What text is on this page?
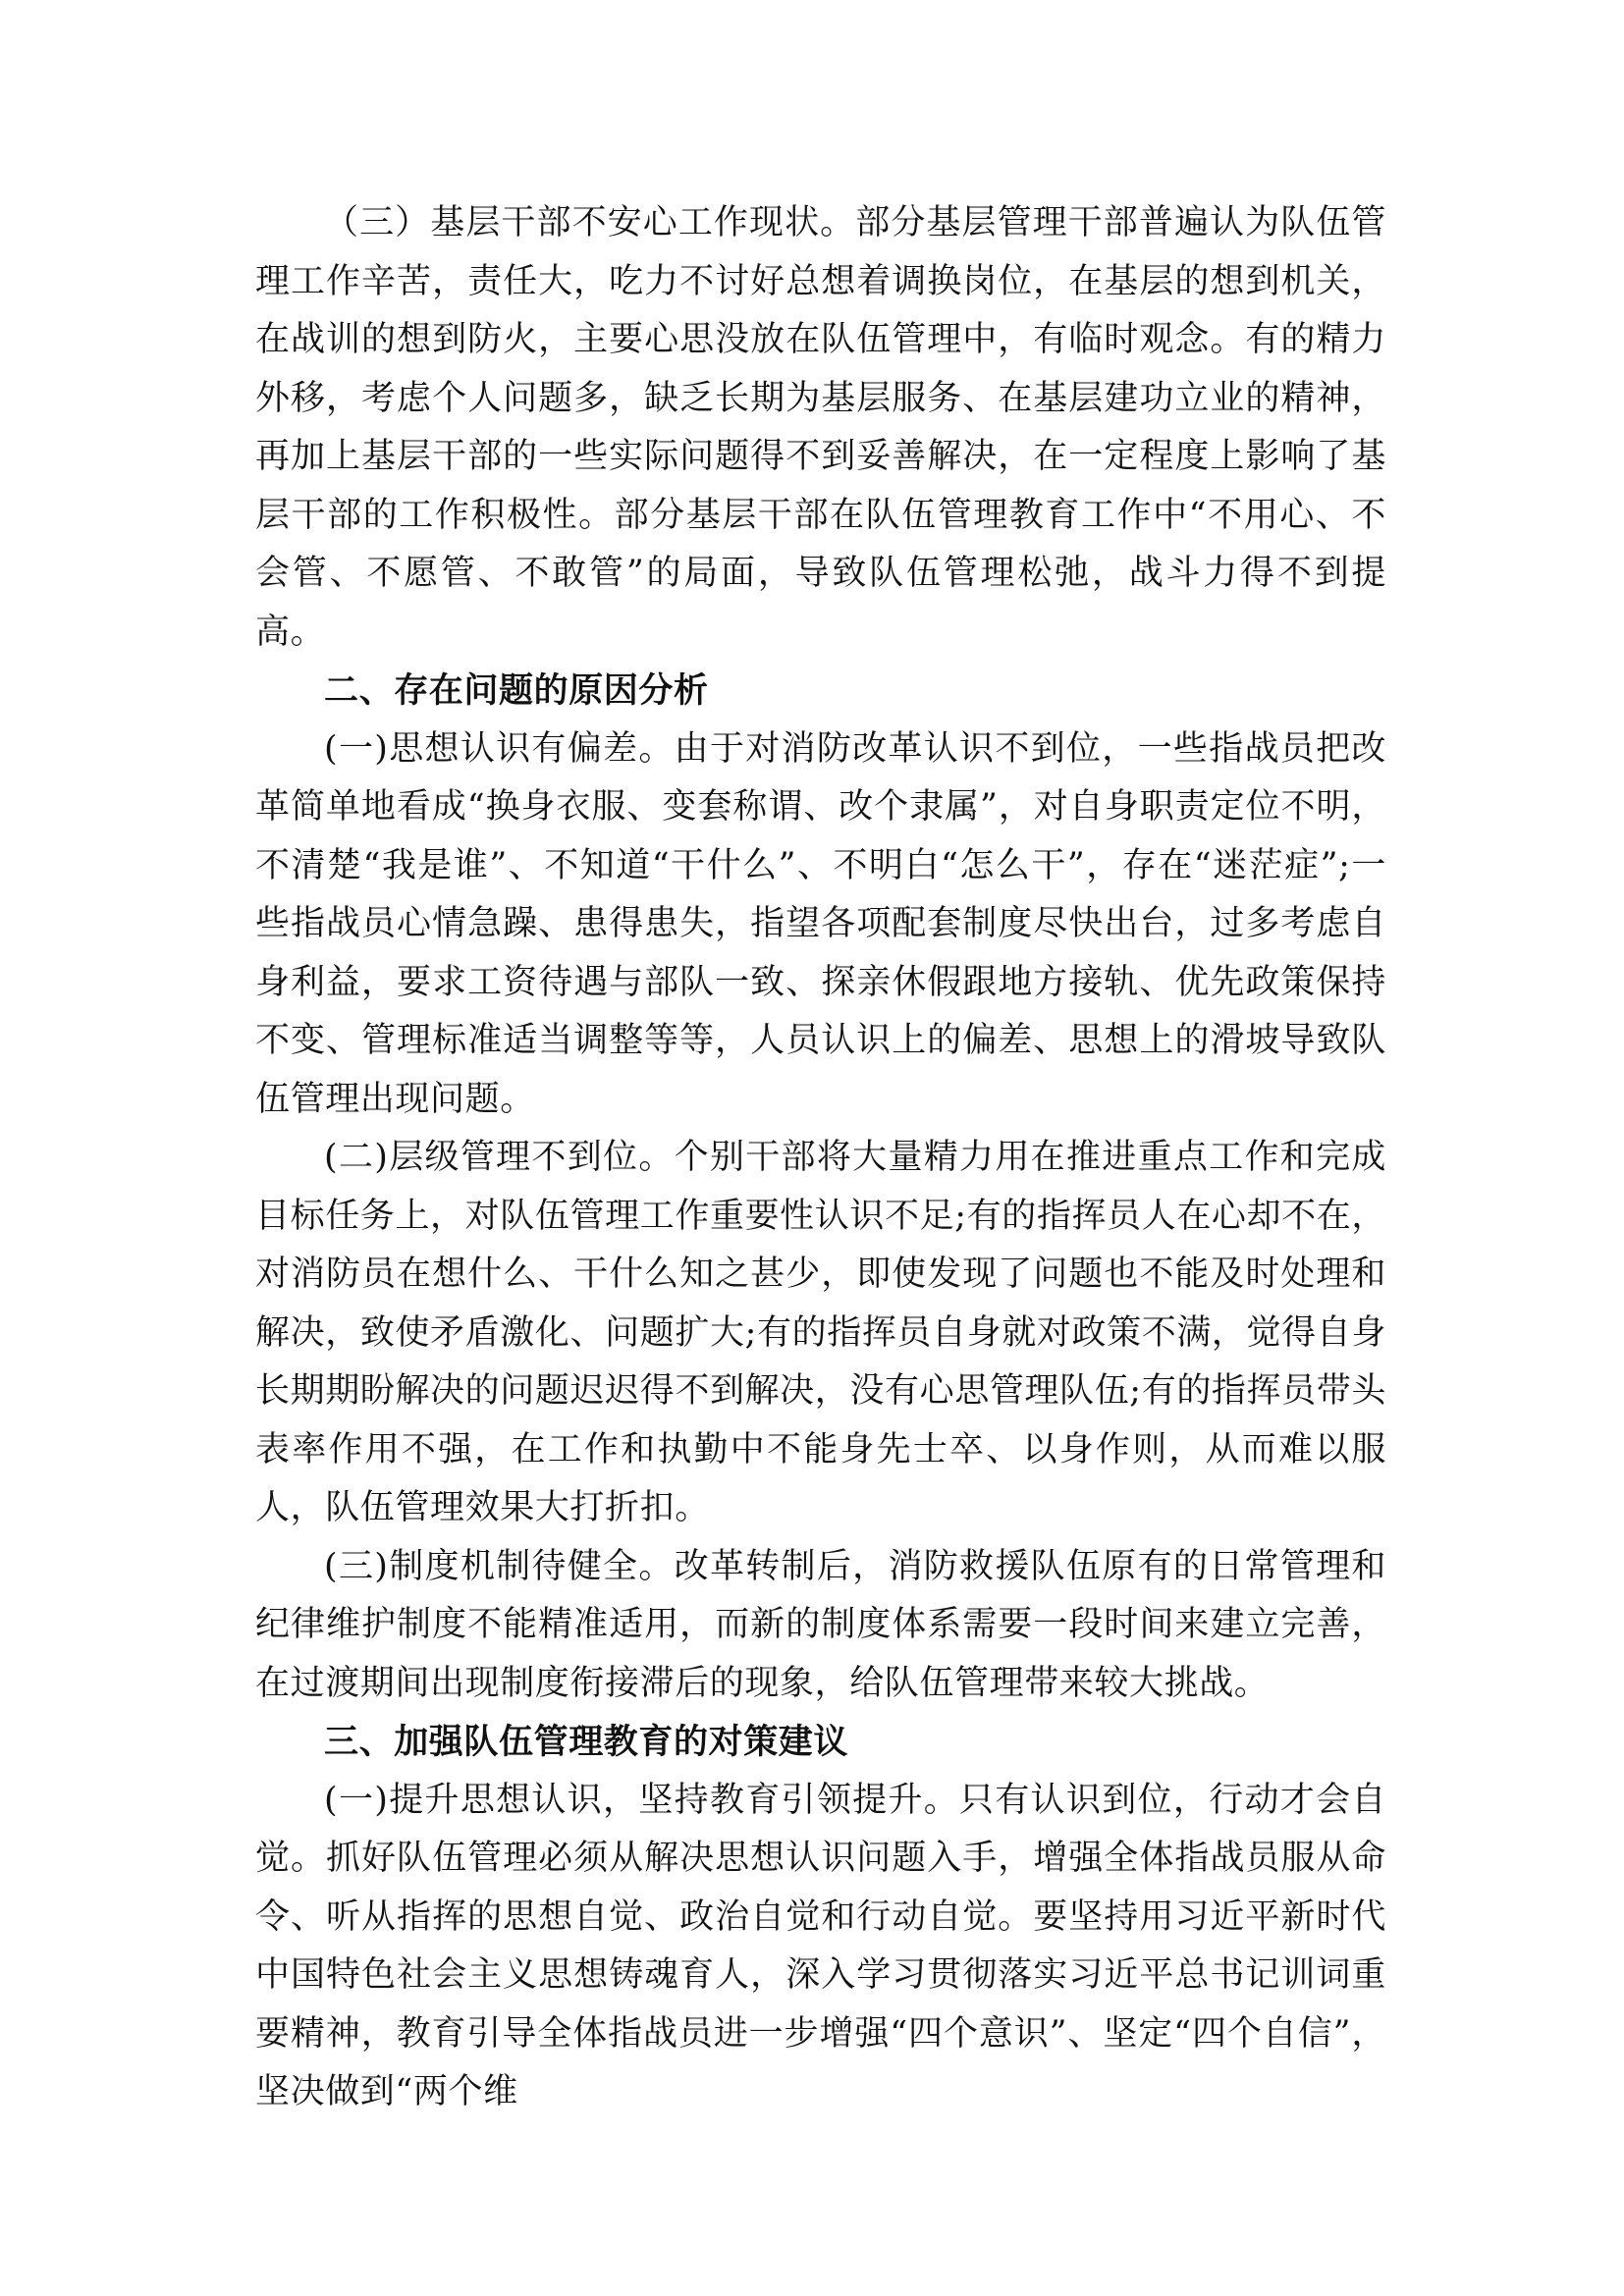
（三）基层干部不安心工作现状。部分基层管理干部普遍认为队伍管理工作辛苦，责任大，吃力不讨好总想着调换岗位，在基层的想到机关，在战训的想到防火，主要心思没放在队伍管理中，有临时观念。有的精力外移，考虑个人问题多，缺乏长期为基层服务、在基层建功立业的精神，再加上基层干部的一些实际问题得不到妥善解决，在一定程度上影响了基层干部的工作积极性。部分基层干部在队伍管理教育工作中“不用心、不会管、不愿管、不敢管”的局面，导致队伍管理松弛，战斗力得不到提高。

二、存在问题的原因分析

(一)思想认识有偏差。由于对消防改革认识不到位，一些指战员把改革简单地看成“换身衣服、变套称谓、改个隶属”，对自身职责定位不明，不清楚“我是谁”、不知道“干什么”、不明白“怎么干”，存在“迷茫症”;一些指战员心情急躁、患得患失，指望各项配套制度尽快出台，过多考虑自身利益，要求工资待遇与部队一致、探亲休假跟地方接轨、优先政策保持不变、管理标准适当调整等等，人员认识上的偏差、思想上的滑坡导致队伍管理出现问题。

(二)层级管理不到位。个别干部将大量精力用在推进重点工作和完成目标任务上，对队伍管理工作重要性认识不足;有的指挥员人在心却不在，对消防员在想什么、干什么知之甚少，即使发现了问题也不能及时处理和解决，致使矛盾激化、问题扩大;有的指挥员自身就对政策不满，觉得自身长期期盼解决的问题迟迟得不到解决，没有心思管理队伍;有的指挥员带头表率作用不强，在工作和执勤中不能身先士卒、以身作则，从而难以服人，队伍管理效果大打折扣。

(三)制度机制待健全。改革转制后，消防救援队伍原有的日常管理和纪律维护制度不能精准适用，而新的制度体系需要一段时间来建立完善，在过渡期间出现制度衔接滞后的现象，给队伍管理带来较大挑战。

三、加强队伍管理教育的对策建议

(一)提升思想认识，坚持教育引领提升。只有认识到位，行动才会自觉。抓好队伍管理必须从解决思想认识问题入手，增强全体指战员服从命令、听从指挥的思想自觉、政治自觉和行动自觉。要坚持用习近平新时代中国特色社会主义思想铸魂育人，深入学习贯彻落实习近平总书记训词重要精神，教育引导全体指战员进一步增强“四个意识”、坚定“四个自信”，坚决做到“两个维
